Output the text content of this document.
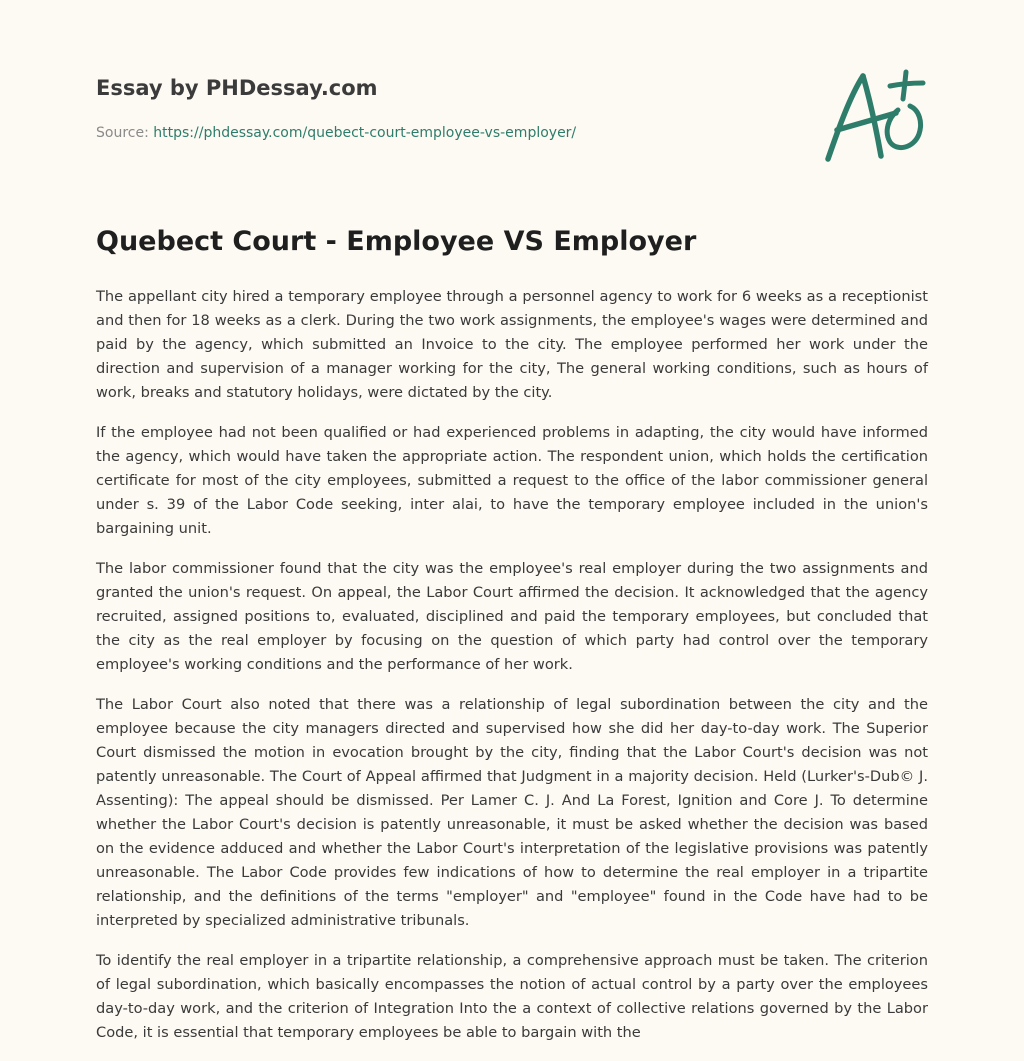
Essay by PHDessay.com
Source: https://phdessay.com/quebect-court-employee-vs-employer/
Quebect Court - Employee VS Employer

The appellant city hired a temporary employee through a personnel agency to work for 6 weeks as a receptionist and then for 18 weeks as a clerk. During the two work assignments, the employee's wages were determined and paid by the agency, which submitted an Invoice to the city. The employee performed her work under the direction and supervision of a manager working for the city, The general working conditions, such as hours of work, breaks and statutory holidays, were dictated by the city.

If the employee had not been qualified or had experienced problems in adapting, the city would have informed the agency, which would have taken the appropriate action. The respondent union, which holds the certification certificate for most of the city employees, submitted a request to the office of the labor commissioner general under s. 39 of the Labor Code seeking, inter alai, to have the temporary employee included in the union's bargaining unit.

The labor commissioner found that the city was the employee's real employer during the two assignments and granted the union's request. On appeal, the Labor Court affirmed the decision. It acknowledged that the agency recruited, assigned positions to, evaluated, disciplined and paid the temporary employees, but concluded that the city as the real employer by focusing on the question of which party had control over the temporary employee's working conditions and the performance of her work.

The Labor Court also noted that there was a relationship of legal subordination between the city and the employee because the city managers directed and supervised how she did her day-to-day work. The Superior Court dismissed the motion in evocation brought by the city, finding that the Labor Court's decision was not patently unreasonable. The Court of Appeal affirmed that Judgment in a majority decision. Held (Lurker's-Dub© J. Assenting): The appeal should be dismissed. Per Lamer C. J. And La Forest, Ignition and Core J. To determine whether the Labor Court's decision is patently unreasonable, it must be asked whether the decision was based on the evidence adduced and whether the Labor Court's interpretation of the legislative provisions was patently unreasonable. The Labor Code provides few indications of how to determine the real employer in a tripartite relationship, and the definitions of the terms "employer" and "employee" found in the Code have had to be interpreted by specialized administrative tribunals.

To identify the real employer in a tripartite relationship, a comprehensive approach must be taken. The criterion of legal subordination, which basically encompasses the notion of actual control by a party over the employees day-to-day work, and the criterion of Integration Into the a context of collective relations governed by the Labor Code, it is essential that temporary employees be able to bargain with the
